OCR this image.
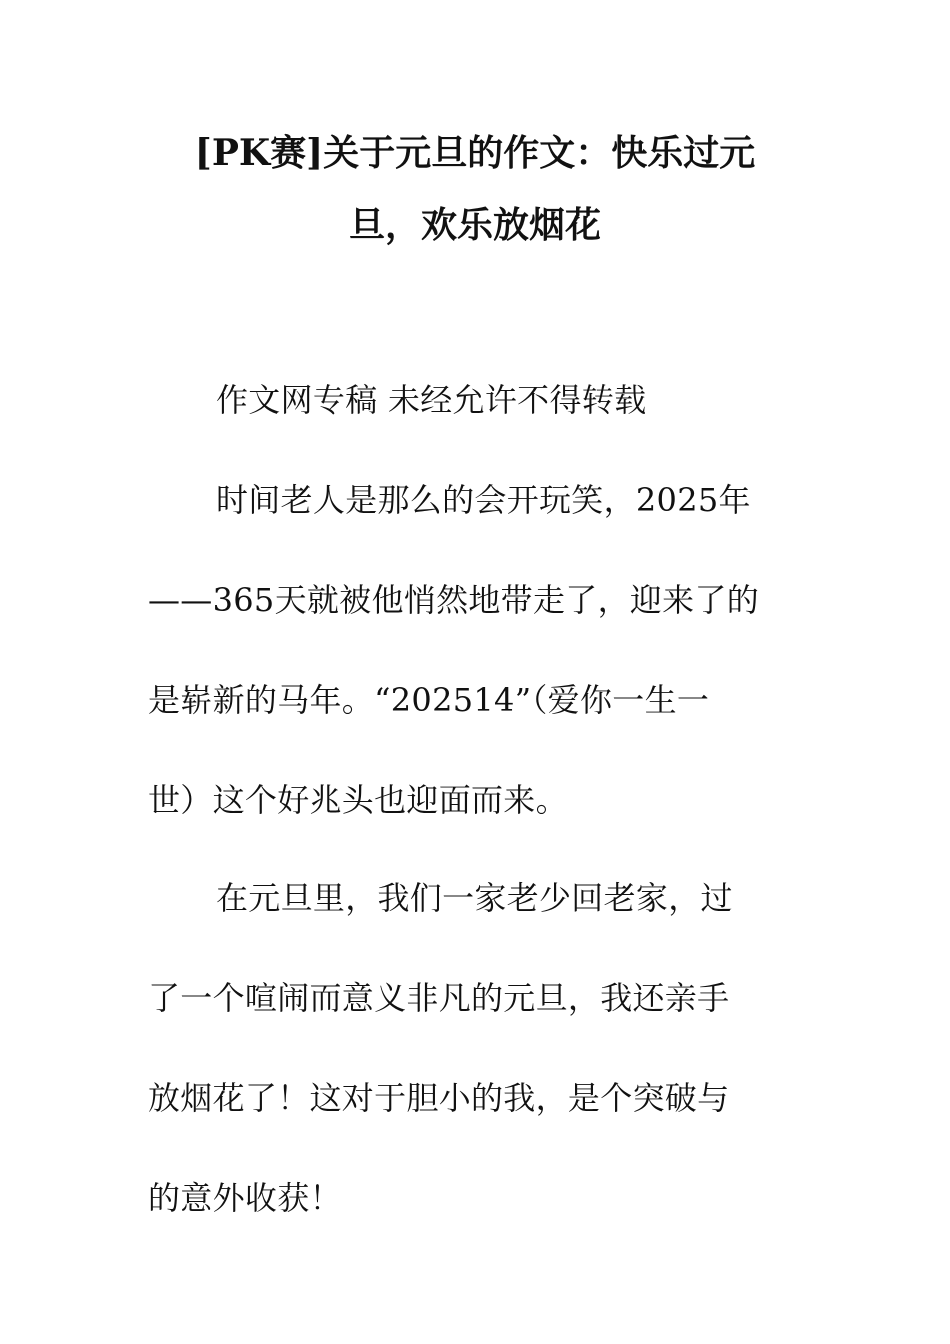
[PK赛]关于元旦的作文：快乐过元
旦，欢乐放烟花
作文网专稿 未经允许不得转载
时间老人是那么的会开玩笑，2025年
——365天就被他悄然地带走了，迎来了的
是崭新的马年。“202514”（爱你一生一
世）这个好兆头也迎面而来。
在元旦里，我们一家老少回老家，过
了一个喧闹而意义非凡的元旦，我还亲手
放烟花了！这对于胆小的我，是个突破与
的意外收获！
